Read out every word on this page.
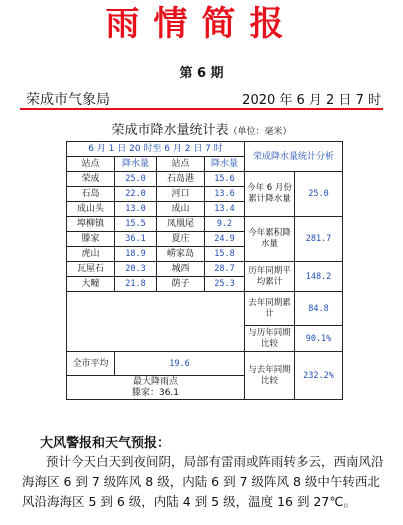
雨情简报
第 6 期
荣成市气象局	2020 年 6 月 2 日 7 时
荣成市降水量统计表（单位：毫米）
6 月 1 日 20 时至 6 月 2 日 7 时				荣成降水量统计分析	
站点	降水量	站点	降水量		
荣成	25.0	石岛港	15.6	今年 6 月份累计降水量	25.0
石岛	22.0	河口	13.6		
成山头	13.0	成山	13.4		
埠柳镇	15.5	凤凰尾	9.2	今年累积降水量	281.7
滕家	36.1	夏庄	24.9		
虎山	18.9	崂家岛	15.8		
瓦屋石	20.3	城西	28.7	历年同期平均累计	148.2
大疃	21.8	荫子	25.3		
				去年同期累计	84.8
				与历年同期比较	90.1%
全市平均	19.6			与去年同期比较	232.2%

最大降雨点
滕家：36.1					
大风警报和天气预报：
预计今天白天到夜间阴，局部有雷雨或阵雨转多云，西南风沿海海区 6 到 7 级阵风 8 级，内陆 6 到 7 级阵风 8 级中午转西北风沿海海区 5 到 6 级，内陆 4 到 5 级，温度 16 到 27℃。
